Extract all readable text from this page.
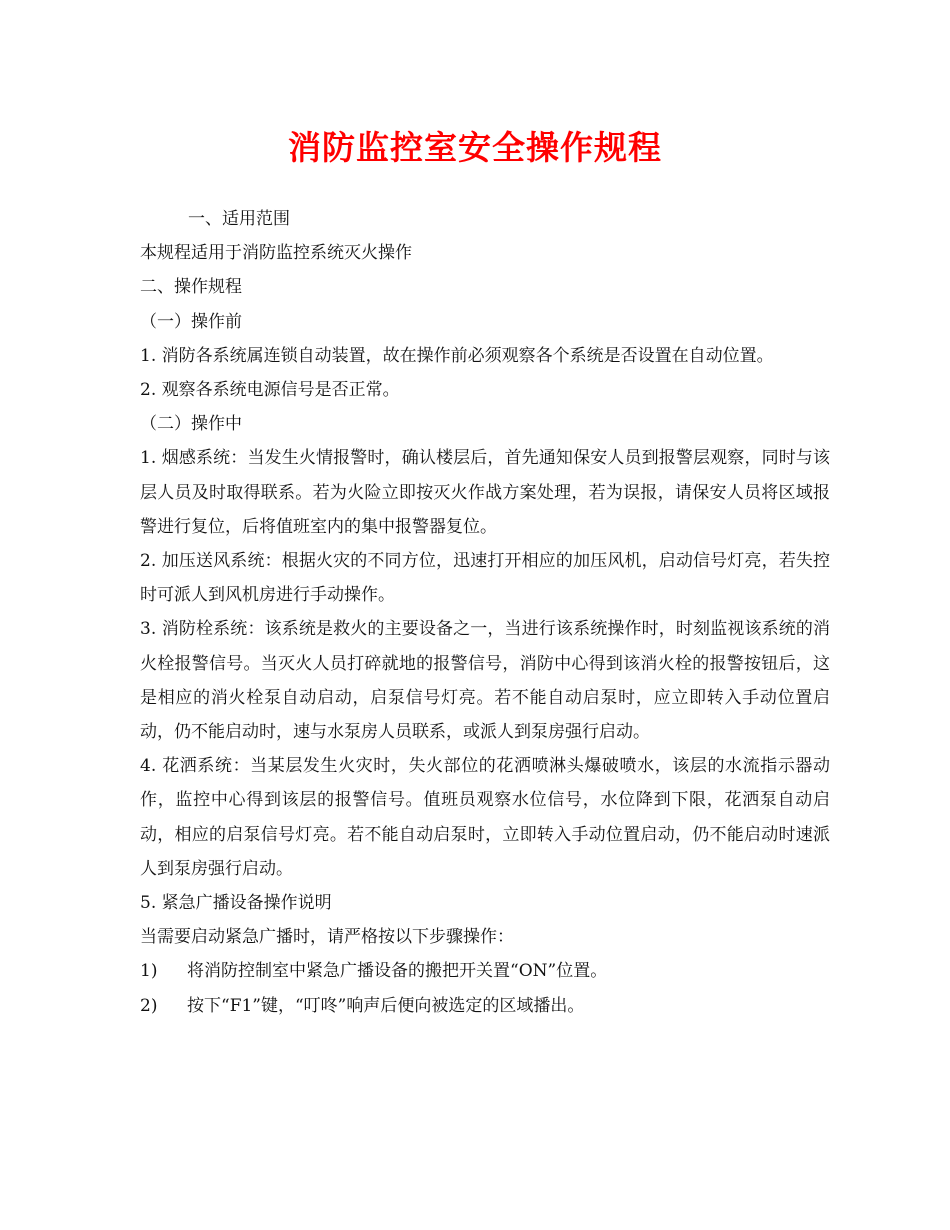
消防监控室安全操作规程

一、适用范围

本规程适用于消防监控系统灭火操作

二、操作规程

（一）操作前

1. 消防各系统属连锁自动装置，故在操作前必须观察各个系统是否设置在自动位置。

2. 观察各系统电源信号是否正常。

（二）操作中

1. 烟感系统：当发生火情报警时，确认楼层后，首先通知保安人员到报警层观察，同时与该层人员及时取得联系。若为火险立即按灭火作战方案处理，若为误报，请保安人员将区域报警进行复位，后将值班室内的集中报警器复位。

2. 加压送风系统：根据火灾的不同方位，迅速打开相应的加压风机，启动信号灯亮，若失控时可派人到风机房进行手动操作。

3. 消防栓系统：该系统是救火的主要设备之一，当进行该系统操作时，时刻监视该系统的消火栓报警信号。当灭火人员打碎就地的报警信号，消防中心得到该消火栓的报警按钮后，这是相应的消火栓泵自动启动，启泵信号灯亮。若不能自动启泵时，应立即转入手动位置启动，仍不能启动时，速与水泵房人员联系，或派人到泵房强行启动。

4. 花洒系统：当某层发生火灾时，失火部位的花洒喷淋头爆破喷水，该层的水流指示器动作，监控中心得到该层的报警信号。值班员观察水位信号，水位降到下限，花洒泵自动启动，相应的启泵信号灯亮。若不能自动启泵时，立即转入手动位置启动，仍不能启动时速派人到泵房强行启动。

5. 紧急广播设备操作说明

当需要启动紧急广播时，请严格按以下步骤操作：

1)	将消防控制室中紧急广播设备的搬把开关置“ON”位置。
2)	按下“F1”键，“叮咚”响声后便向被选定的区域播出。
